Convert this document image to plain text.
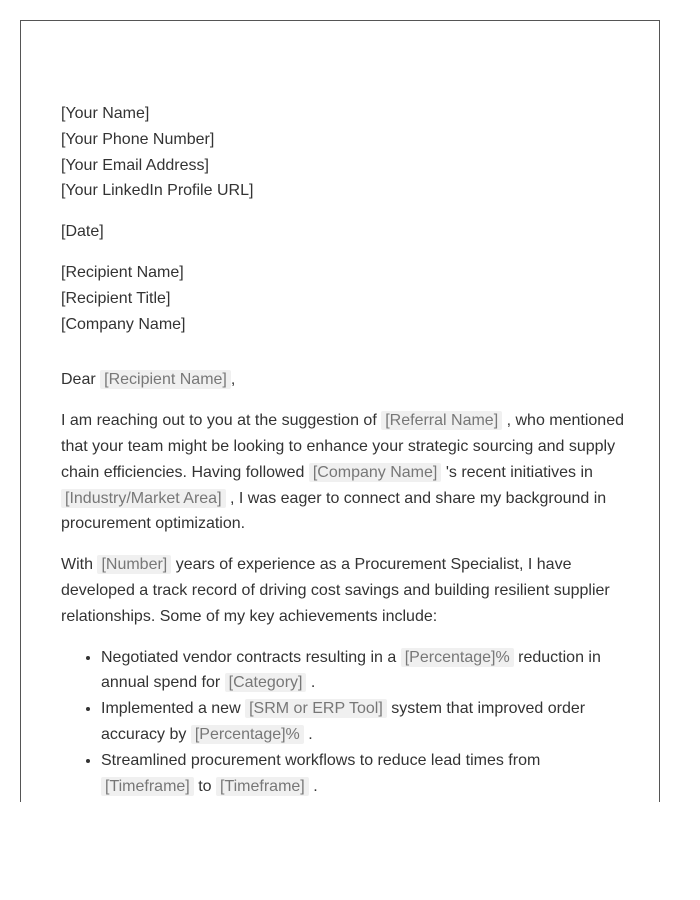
[Your Name]
[Your Phone Number]
[Your Email Address]
[Your LinkedIn Profile URL]
[Date]
[Recipient Name]
[Recipient Title]
[Company Name]
Dear [Recipient Name] ,

I am reaching out to you at the suggestion of [Referral Name] , who mentioned that your team might be looking to enhance your strategic sourcing and supply chain efficiencies. Having followed [Company Name] 's recent initiatives in [Industry/Market Area] , I was eager to connect and share my background in procurement optimization.

With [Number] years of experience as a Procurement Specialist, I have developed a track record of driving cost savings and building resilient supplier relationships. Some of my key achievements include:

• Negotiated vendor contracts resulting in a [Percentage]% reduction in annual spend for [Category] .
• Implemented a new [SRM or ERP Tool] system that improved order accuracy by [Percentage]% .
• Streamlined procurement workflows to reduce lead times from [Timeframe] to [Timeframe] .
